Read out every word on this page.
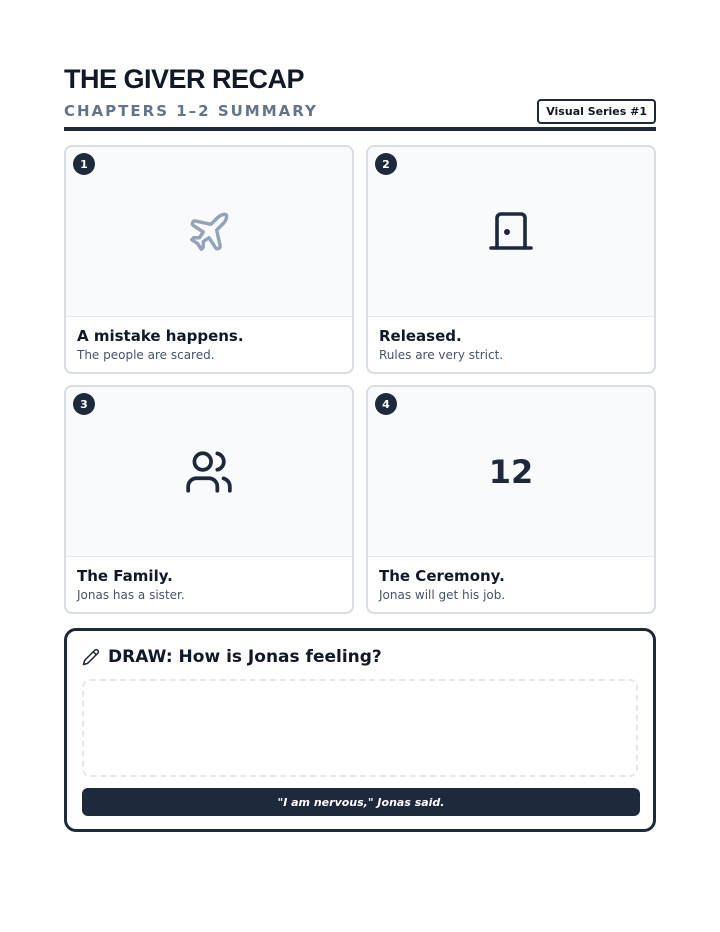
THE GIVER RECAP
CHAPTERS 1–2 SUMMARY	Visual Series #1
1
A mistake happens.
The people are scared.
2
Released.
Rules are very strict.
3
The Family.
Jonas has a sister.
4
12
The Ceremony.
Jonas will get his job.
DRAW: How is Jonas feeling?
"I am nervous," Jonas said.
